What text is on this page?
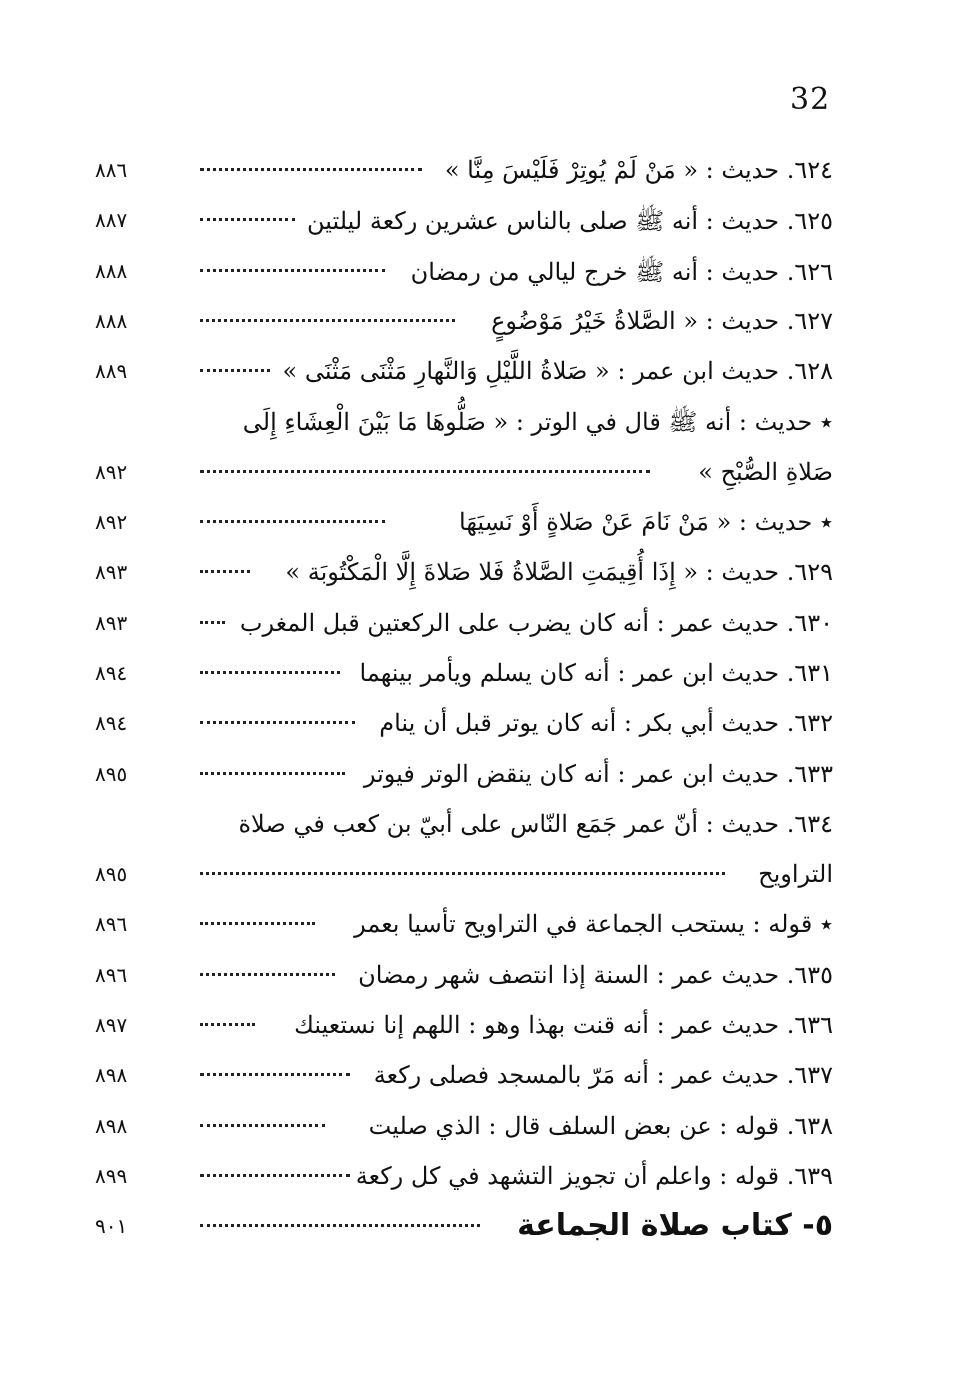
32
٦٢٤. حديث : « مَنْ لَمْ يُوتِرْ فَلَيْسَ مِنَّا »
٨٨٦
٦٢٥. حديث : أنه ﷺ صلى بالناس عشرين ركعة ليلتين
٨٨٧
٦٢٦. حديث : أنه ﷺ خرج ليالي من رمضان
٨٨٨
٦٢٧. حديث : « الصَّلاةُ خَيْرُ مَوْضُوعٍ
٨٨٨
٦٢٨. حديث ابن عمر : « صَلاةُ اللَّيْلِ وَالنَّهارِ مَثْنَى مَثْنَى »
٨٨٩
٭ حديث : أنه ﷺ قال في الوتر : « صَلُّوهَا مَا بَيْنَ الْعِشَاءِ إِلَى
صَلاةِ الصُّبْحِ »
٨٩٢
٭ حديث : « مَنْ نَامَ عَنْ صَلاةٍ أَوْ نَسِيَهَا
٨٩٢
٦٢٩. حديث : « إِذَا أُقِيمَتِ الصَّلاةُ فَلا صَلاةَ إِلَّا الْمَكْتُوبَة »
٨٩٣
٦٣٠. حديث عمر : أنه كان يضرب على الركعتين قبل المغرب
٨٩٣
٦٣١. حديث ابن عمر : أنه كان يسلم ويأمر بينهما
٨٩٤
٦٣٢. حديث أبي بكر : أنه كان يوتر قبل أن ينام
٨٩٤
٦٣٣. حديث ابن عمر : أنه كان ينقض الوتر فيوتر
٨٩٥
٦٣٤. حديث : أنّ عمر جَمَع النّاس على أبيّ بن كعب في صلاة
التراويح
٨٩٥
٭ قوله : يستحب الجماعة في التراويح تأسيا بعمر
٨٩٦
٦٣٥. حديث عمر : السنة إذا انتصف شهر رمضان
٨٩٦
٦٣٦. حديث عمر : أنه قنت بهذا وهو : اللهم إنا نستعينك
٨٩٧
٦٣٧. حديث عمر : أنه مَرّ بالمسجد فصلى ركعة
٨٩٨
٦٣٨. قوله : عن بعض السلف قال : الذي صليت
٨٩٨
٦٣٩. قوله : واعلم أن تجويز التشهد في كل ركعة
٨٩٩
٥- كتاب صلاة الجماعة
٩٠١
